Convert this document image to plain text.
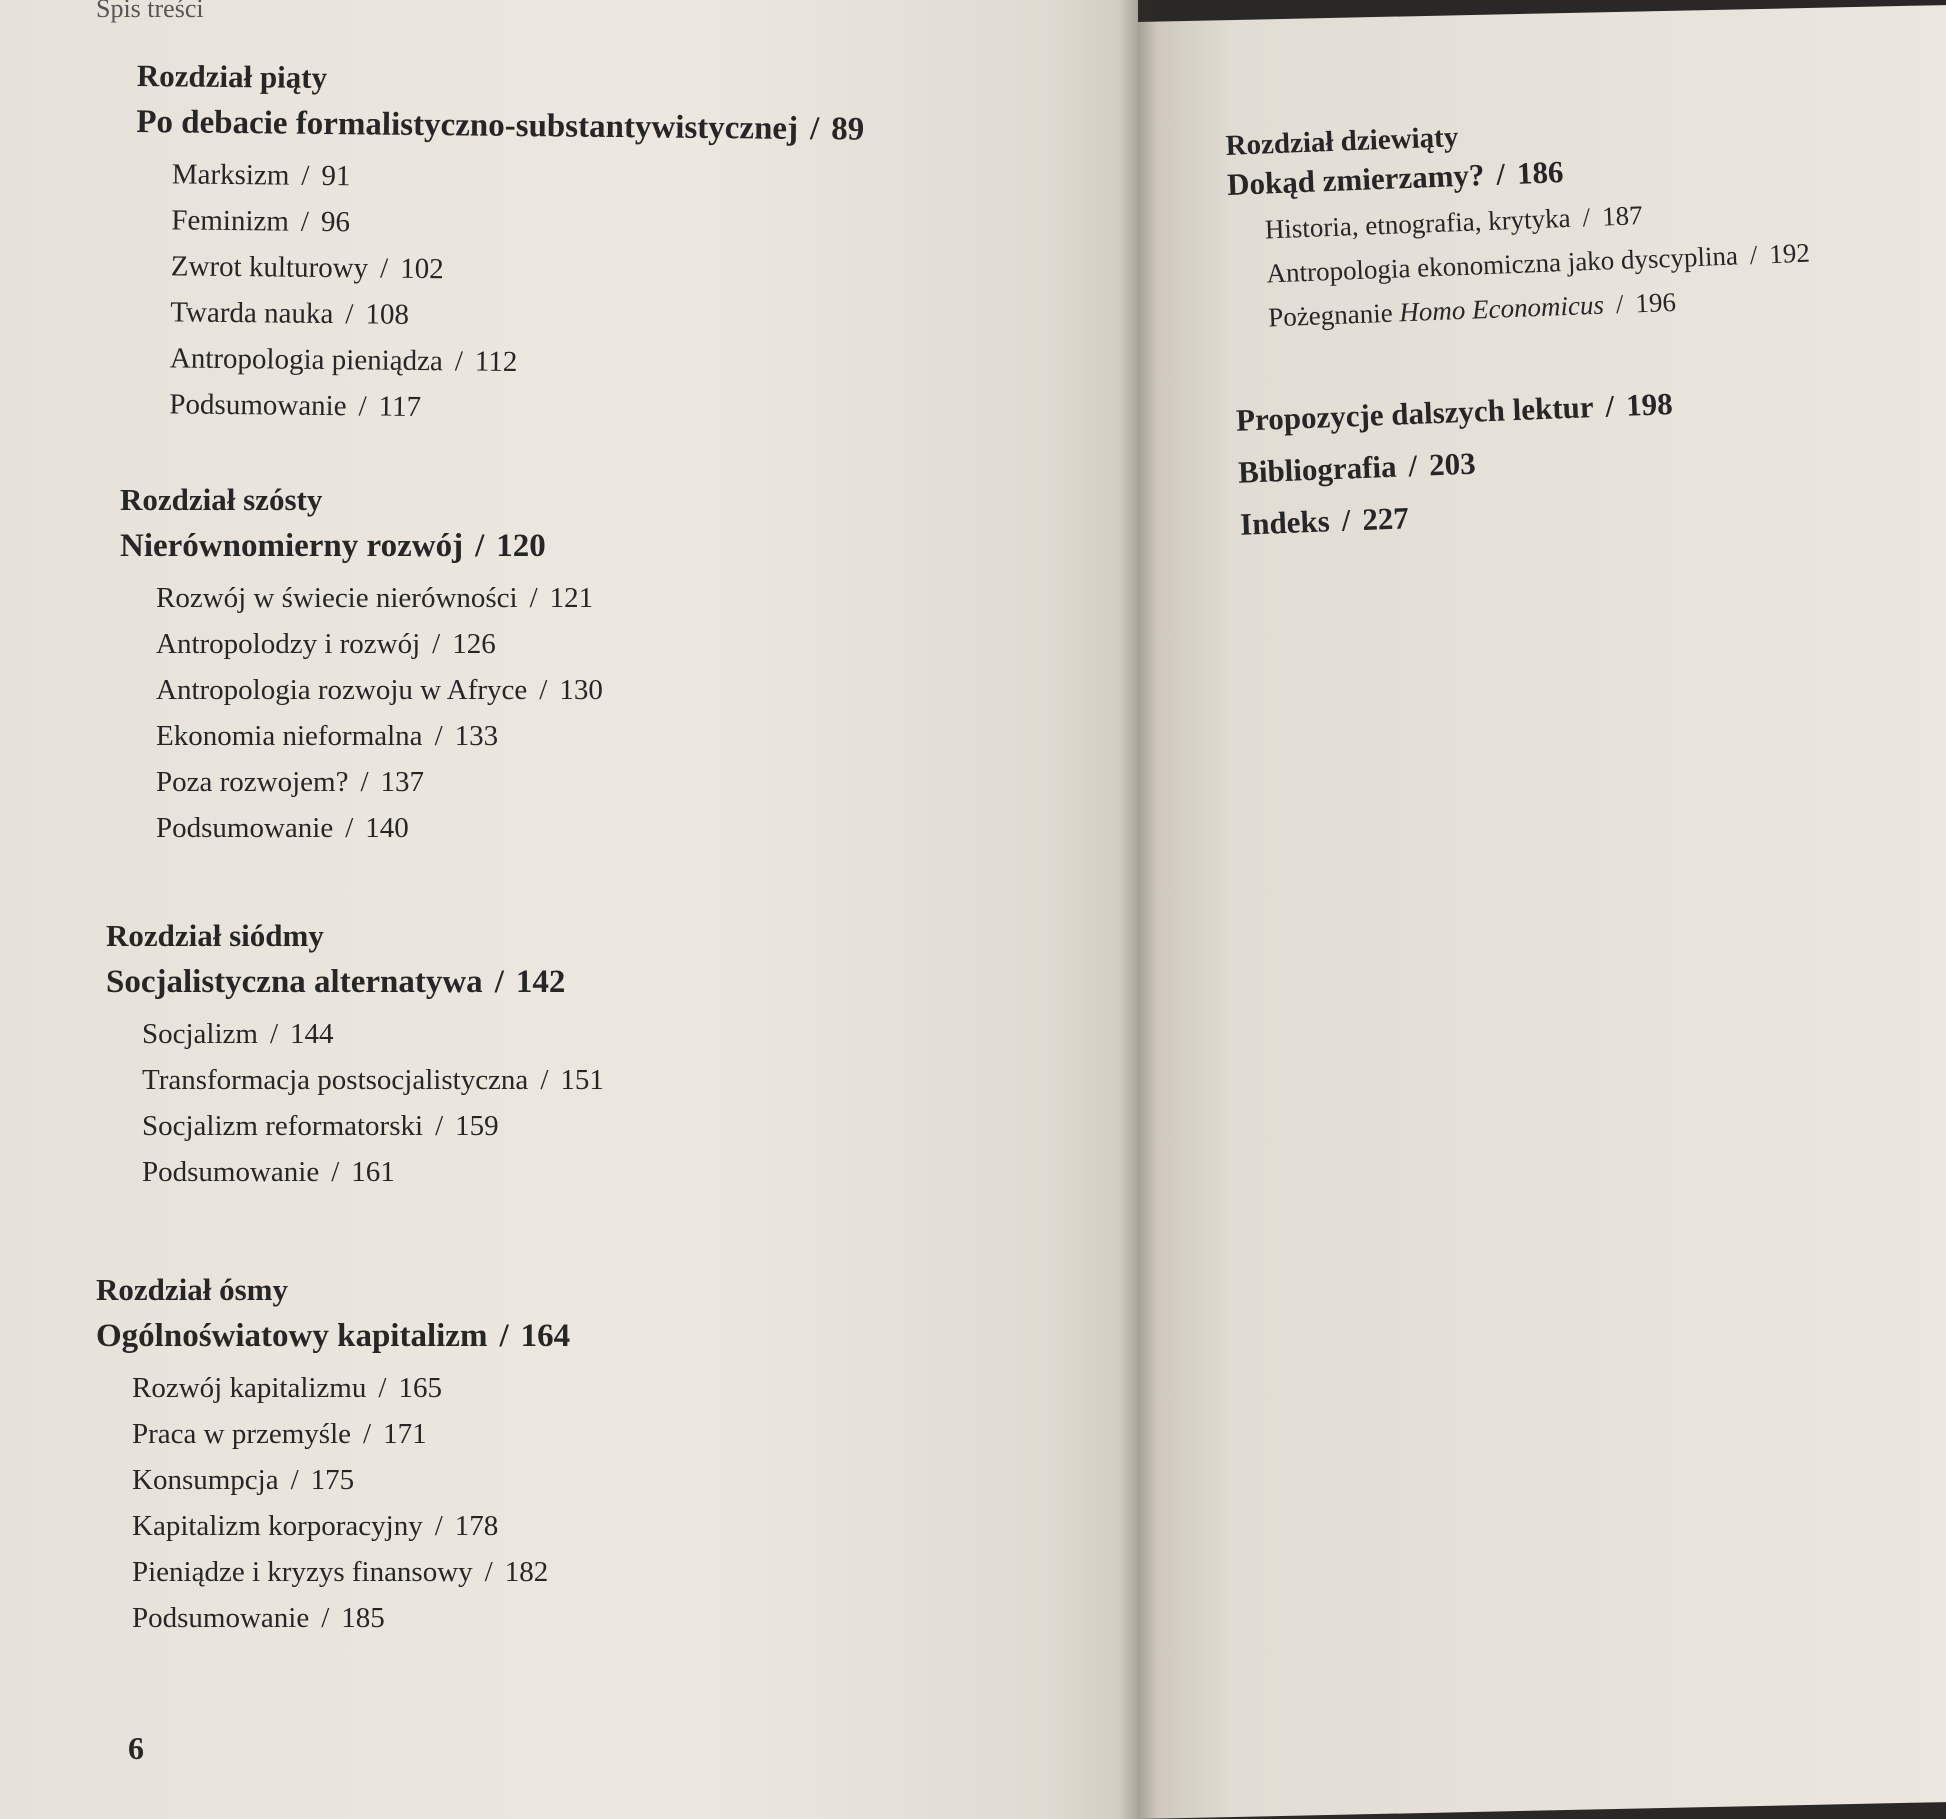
Spis treści
Rozdział piąty
Po debacie formalistyczno-substantywistycznej / 89
Marksizm / 91
Feminizm / 96
Zwrot kulturowy / 102
Twarda nauka / 108
Antropologia pieniądza / 112
Podsumowanie / 117
Rozdział szósty
Nierównomierny rozwój / 120
Rozwój w świecie nierówności / 121
Antropolodzy i rozwój / 126
Antropologia rozwoju w Afryce / 130
Ekonomia nieformalna / 133
Poza rozwojem? / 137
Podsumowanie / 140
Rozdział siódmy
Socjalistyczna alternatywa / 142
Socjalizm / 144
Transformacja postsocjalistyczna / 151
Socjalizm reformatorski / 159
Podsumowanie / 161
Rozdział ósmy
Ogólnoświatowy kapitalizm / 164
Rozwój kapitalizmu / 165
Praca w przemyśle / 171
Konsumpcja / 175
Kapitalizm korporacyjny / 178
Pieniądze i kryzys finansowy / 182
Podsumowanie / 185
6
Rozdział dziewiąty
Dokąd zmierzamy? / 186
Historia, etnografia, krytyka / 187
Antropologia ekonomiczna jako dyscyplina / 192
Pożegnanie Homo Economicus / 196
Propozycje dalszych lektur / 198
Bibliografia / 203
Indeks / 227
